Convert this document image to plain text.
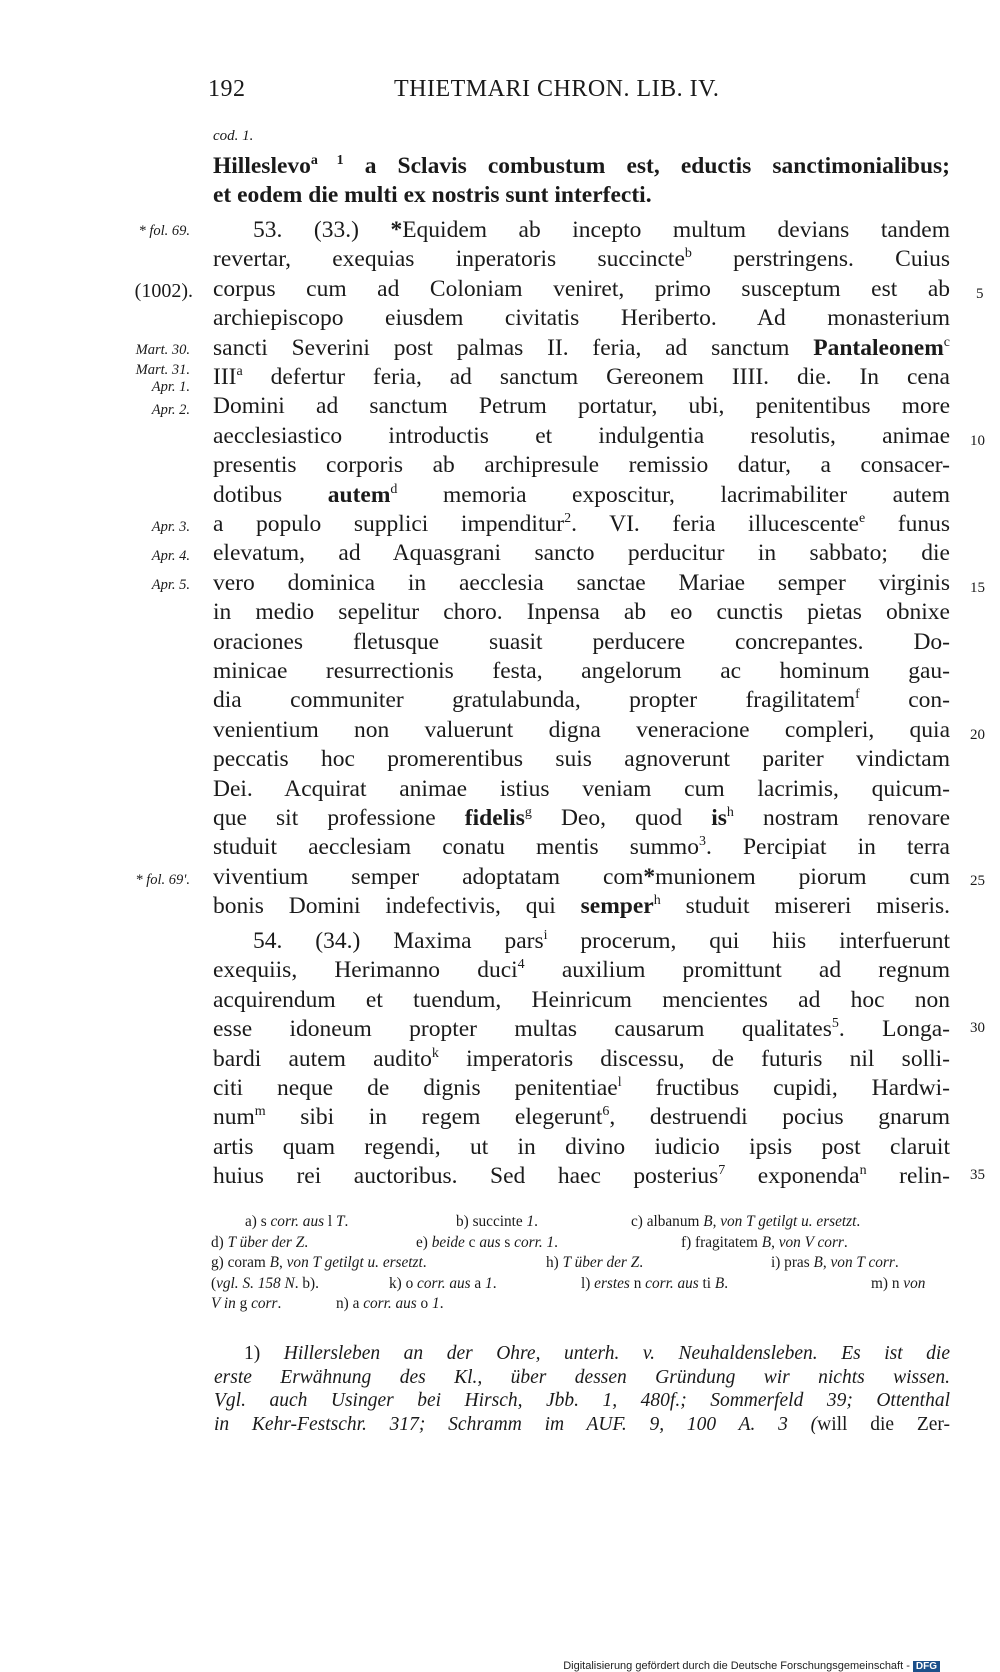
192	THIETMARI CHRON. LIB. IV.
cod. 1.
* fol. 69.
(1002).
Mart. 30.
Mart. 31.
Apr. 1.
Apr. 2.
Apr. 3.
Apr. 4.
Apr. 5.
* fol. 69'.
5
10
15
20
25
30
35
Hilleslevo$^{a 1}$ a Sclavis combustum est, eductis sanctimonialibus;
et eodem die multi ex nostris sunt interfecti.
53. (33.) *Equidem ab incepto multum devians tandem
revertar, exequias inperatoris succincte$^b$ perstringens. Cuius
corpus cum ad Coloniam veniret, primo susceptum est ab
archiepiscopo eiusdem civitatis Heriberto. Ad monasterium
sancti Severini post palmas II. feria, ad sanctum Pantaleonem$^c$
III$^a$ defertur feria, ad sanctum Gereonem IIII. die. In cena
Domini ad sanctum Petrum portatur, ubi, penitentibus more
aecclesiastico introductis et indulgentia resolutis, animae
presentis corporis ab archipresule remissio datur, a consacer-
dotibus autem$^d$ memoria exposcitur, lacrimabiliter autem
a populo supplici impenditur$^2$. VI. feria illucescente$^e$ funus
elevatum, ad Aquasgrani sancto perducitur in sabbato; die
vero dominica in aecclesia sanctae Mariae semper virginis
in medio sepelitur choro. Inpensa ab eo cunctis pietas obnixe
oraciones fletusque suasit perducere concrepantes. Do-
minicae resurrectionis festa, angelorum ac hominum gau-
dia communiter gratulabunda, propter fragilitatem$^f$ con-
venientium non valuerunt digna veneracione compleri, quia
peccatis hoc promerentibus suis agnoverunt pariter vindictam
Dei. Acquirat animae istius veniam cum lacrimis, quicum-
que sit professione fidelis$^g$ Deo, quod $is^h$ nostram renovare
studuit aecclesiam conatu mentis summo$^3$. Percipiat in terra
viventium semper adoptatam com*munionem piorum cum
bonis Domini indefectivis, qui semper$^h$ studuit misereri miseris.
54. (34.) Maxima pars$^i$ procerum, qui hiis interfuerunt
exequiis, Herimanno duci$^4$ auxilium promittunt ad regnum
acquirendum et tuendum, Heinricum mencientes ad hoc non
esse idoneum propter multas causarum qualitates$^5$. Longa-
bardi autem audito$^k$ imperatoris discessu, de futuris nil solli-
citi neque de dignis penitentiae$^l$ fructibus cupidi, Hardwi-
num$^m$ sibi in regem elegerunt$^6$, destruendi pocius gnarum
artis quam regendi, ut in divino iudicio ipsis post claruit
huius rei auctoribus. Sed haec posterius$^7$ exponenda$^n$ relin-
a) s corr. aus l T.	b) succinte 1.	c) albanum B, von T getilgt u. ersetzt.
d) T über der Z.	e) beide c aus s corr. 1.	f) fragitatem B, von V corr.
g) coram B, von T getilgt u. ersetzt.	h) T über der Z.	i) pras B, von T corr.
(vgl. S. 158 N. b).	k) o corr. aus a 1.	l) erstes n corr. aus ti B.	m) n von
V in g corr.	n) a corr. aus o 1.
1) Hillersleben an der Ohre, unterh. v. Neuhaldensleben. Es ist die
erste Erwähnung des Kl., über dessen Gründung wir nichts wissen.
Vgl. auch Usinger bei Hirsch, Jbb. 1, 480f.; Sommerfeld 39; Ottenthal
in Kehr-Festschr. 317; Schramm im AUF. 9, 100 A. 3 (will die Zer-
Digitalisierung gefördert durch die Deutsche Forschungsgemeinschaft - DFG
